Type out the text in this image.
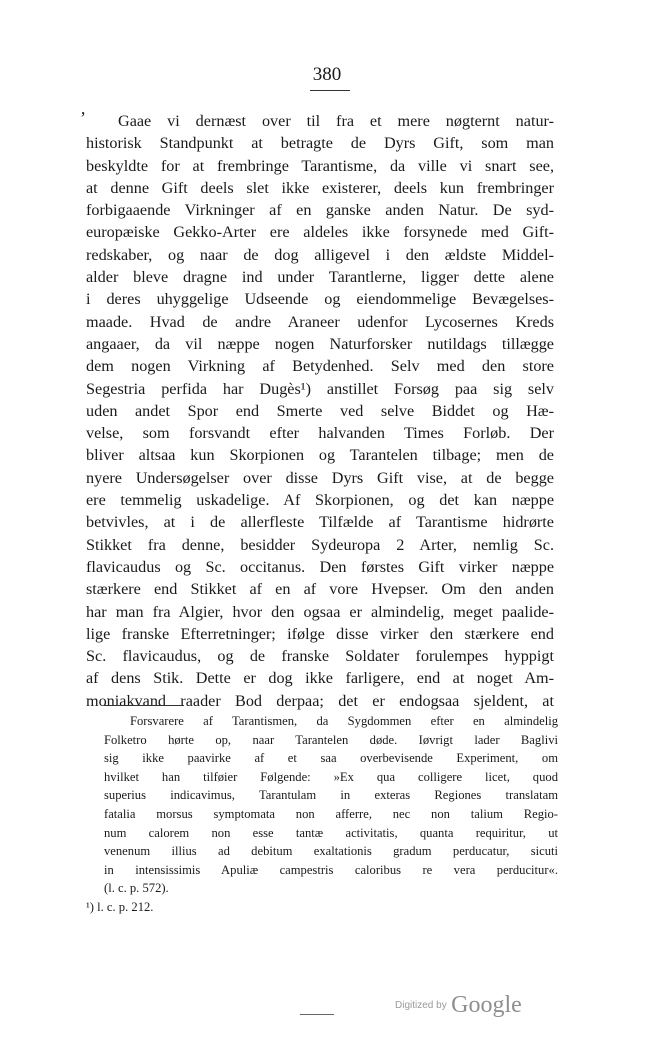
380
’	Gaae vi dernæst over til fra et mere nøgternt natur-
historisk Standpunkt at betragte de Dyrs Gift, som man
beskyldte for at frembringe Tarantisme, da ville vi snart see,
at denne Gift deels slet ikke existerer, deels kun frembringer
forbigaaende Virkninger af en ganske anden Natur. De syd-
europæiske Gekko-Arter ere aldeles ikke forsynede med Gift-
redskaber, og naar de dog alligevel i den ældste Middel-
alder bleve dragne ind under Tarantlerne, ligger dette alene
i deres uhyggelige Udseende og eiendommelige Bevægelses-
maade. Hvad de andre Araneer udenfor Lycosernes Kreds
angaaer, da vil næppe nogen Naturforsker nutildags tillægge
dem nogen Virkning af Betydenhed. Selv med den store
Segestria perfida har Dugès¹) anstillet Forsøg paa sig selv
uden andet Spor end Smerte ved selve Biddet og Hæ-
velse, som forsvandt efter halvanden Times Forløb. Der
bliver altsaa kun Skorpionen og Tarantelen tilbage; men de
nyere Undersøgelser over disse Dyrs Gift vise, at de begge
ere temmelig uskadelige. Af Skorpionen, og det kan næppe
betvivles, at i de allerfleste Tilfælde af Tarantisme hidrørte
Stikket fra denne, besidder Sydeuropa 2 Arter, nemlig Sc.
flavicaudus og Sc. occitanus. Den førstes Gift virker næppe
stærkere end Stikket af en af vore Hvepser. Om den anden
har man fra Algier, hvor den ogsaa er almindelig, meget paalide-
lige franske Efterretninger; ifølge disse virker den stærkere end
Sc. flavicaudus, og de franske Soldater forulempes hyppigt
af dens Stik. Dette er dog ikke farligere, end at noget Am-
moniakvand raader Bod derpaa; det er endogsaa sjeldent, at
Forsvarere af Tarantismen, da Sygdommen efter en almindelig
Folketro hørte op, naar Tarantelen døde. Iøvrigt lader Baglivi
sig ikke paavirke af et saa overbevisende Experiment, om
hvilket han tilføier Følgende: »Ex qua colligere licet, quod
superius indicavimus, Tarantulam in exteras Regiones translatam
fatalia morsus symptomata non afferre, nec non talium Regio-
num calorem non esse tantæ activitatis, quanta requiritur, ut
venenum illius ad debitum exaltationis gradum perducatur, sicuti
in intensissimis Apuliæ campestris caloribus re vera perducitur«.
(l. c. p. 572).
¹) l. c. p. 212.
Digitized by Google
